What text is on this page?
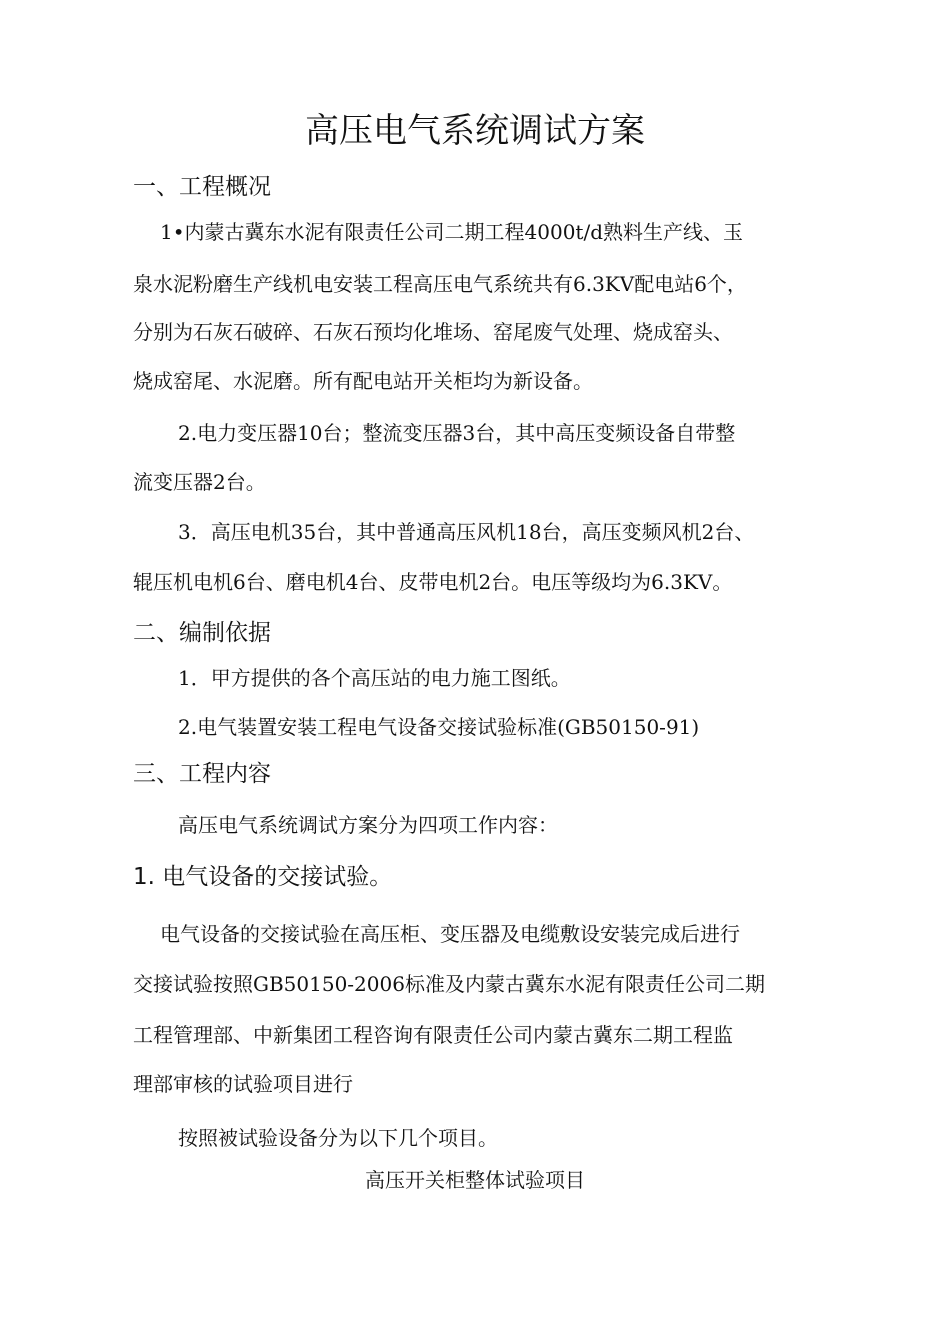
高压电气系统调试方案
一、工程概况
1•内蒙古冀东水泥有限责任公司二期工程4000t/d熟料生产线、玉
泉水泥粉磨生产线机电安装工程高压电气系统共有6.3KV配电站6个，
分别为石灰石破碎、石灰石预均化堆场、窑尾废气处理、烧成窑头、
烧成窑尾、水泥磨。所有配电站开关柜均为新设备。
2.电力变压器10台；整流变压器3台，其中高压变频设备自带整
流变压器2台。
3．高压电机35台，其中普通高压风机18台，高压变频风机2台、
辊压机电机6台、磨电机4台、皮带电机2台。电压等级均为6.3KV。
二、编制依据
1．甲方提供的各个高压站的电力施工图纸。
2.电气装置安装工程电气设备交接试验标准(GB50150-91)
三、工程内容
高压电气系统调试方案分为四项工作内容：
1. 电气设备的交接试验。
电气设备的交接试验在高压柜、变压器及电缆敷设安装完成后进行
交接试验按照GB50150-2006标准及内蒙古冀东水泥有限责任公司二期
工程管理部、中新集团工程咨询有限责任公司内蒙古冀东二期工程监
理部审核的试验项目进行
按照被试验设备分为以下几个项目。
高压开关柜整体试验项目
